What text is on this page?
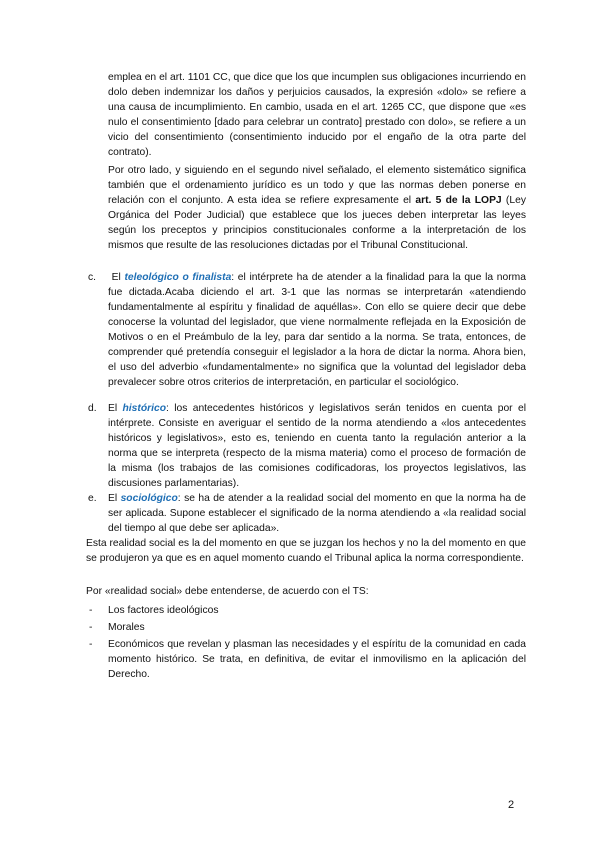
emplea en el art. 1101 CC, que dice que los que incumplen sus obligaciones incurriendo en dolo deben indemnizar los daños y perjuicios causados, la expresión «dolo» se refiere a una causa de incumplimiento. En cambio, usada en el art. 1265 CC, que dispone que «es nulo el consentimiento [dado para celebrar un contrato] prestado con dolo», se refiere a un vicio del consentimiento (consentimiento inducido por el engaño de la otra parte del contrato).

Por otro lado, y siguiendo en el segundo nivel señalado, el elemento sistemático significa también que el ordenamiento jurídico es un todo y que las normas deben ponerse en relación con el conjunto. A esta idea se refiere expresamente el art. 5 de la LOPJ (Ley Orgánica del Poder Judicial) que establece que los jueces deben interpretar las leyes según los preceptos y principios constitucionales conforme a la interpretación de los mismos que resulte de las resoluciones dictadas por el Tribunal Constitucional.

c. El teleológico o finalista: el intérprete ha de atender a la finalidad para la que la norma fue dictada.Acaba diciendo el art. 3-1 que las normas se interpretarán «atendiendo fundamentalmente al espíritu y finalidad de aquéllas». Con ello se quiere decir que debe conocerse la voluntad del legislador, que viene normalmente reflejada en la Exposición de Motivos o en el Preámbulo de la ley, para dar sentido a la norma. Se trata, entonces, de comprender qué pretendía conseguir el legislador a la hora de dictar la norma. Ahora bien, el uso del adverbio «fundamentalmente» no significa que la voluntad del legislador deba prevalecer sobre otros criterios de interpretación, en particular el sociológico.

d. El histórico: los antecedentes históricos y legislativos serán tenidos en cuenta por el intérprete. Consiste en averiguar el sentido de la norma atendiendo a «los antecedentes históricos y legislativos», esto es, teniendo en cuenta tanto la regulación anterior a la norma que se interpreta (respecto de la misma materia) como el proceso de formación de la misma (los trabajos de las comisiones codificadoras, los proyectos legislativos, las discusiones parlamentarias).

e. El sociológico: se ha de atender a la realidad social del momento en que la norma ha de ser aplicada. Supone establecer el significado de la norma atendiendo a «la realidad social del tiempo al que debe ser aplicada».

Esta realidad social es la del momento en que se juzgan los hechos y no la del momento en que se produjeron ya que es en aquel momento cuando el Tribunal aplica la norma correspondiente.

Por «realidad social» debe entenderse, de acuerdo con el TS:

- Los factores ideológicos
- Morales
- Económicos que revelan y plasman las necesidades y el espíritu de la comunidad en cada momento histórico. Se trata, en definitiva, de evitar el inmovilismo en la aplicación del Derecho.
2
